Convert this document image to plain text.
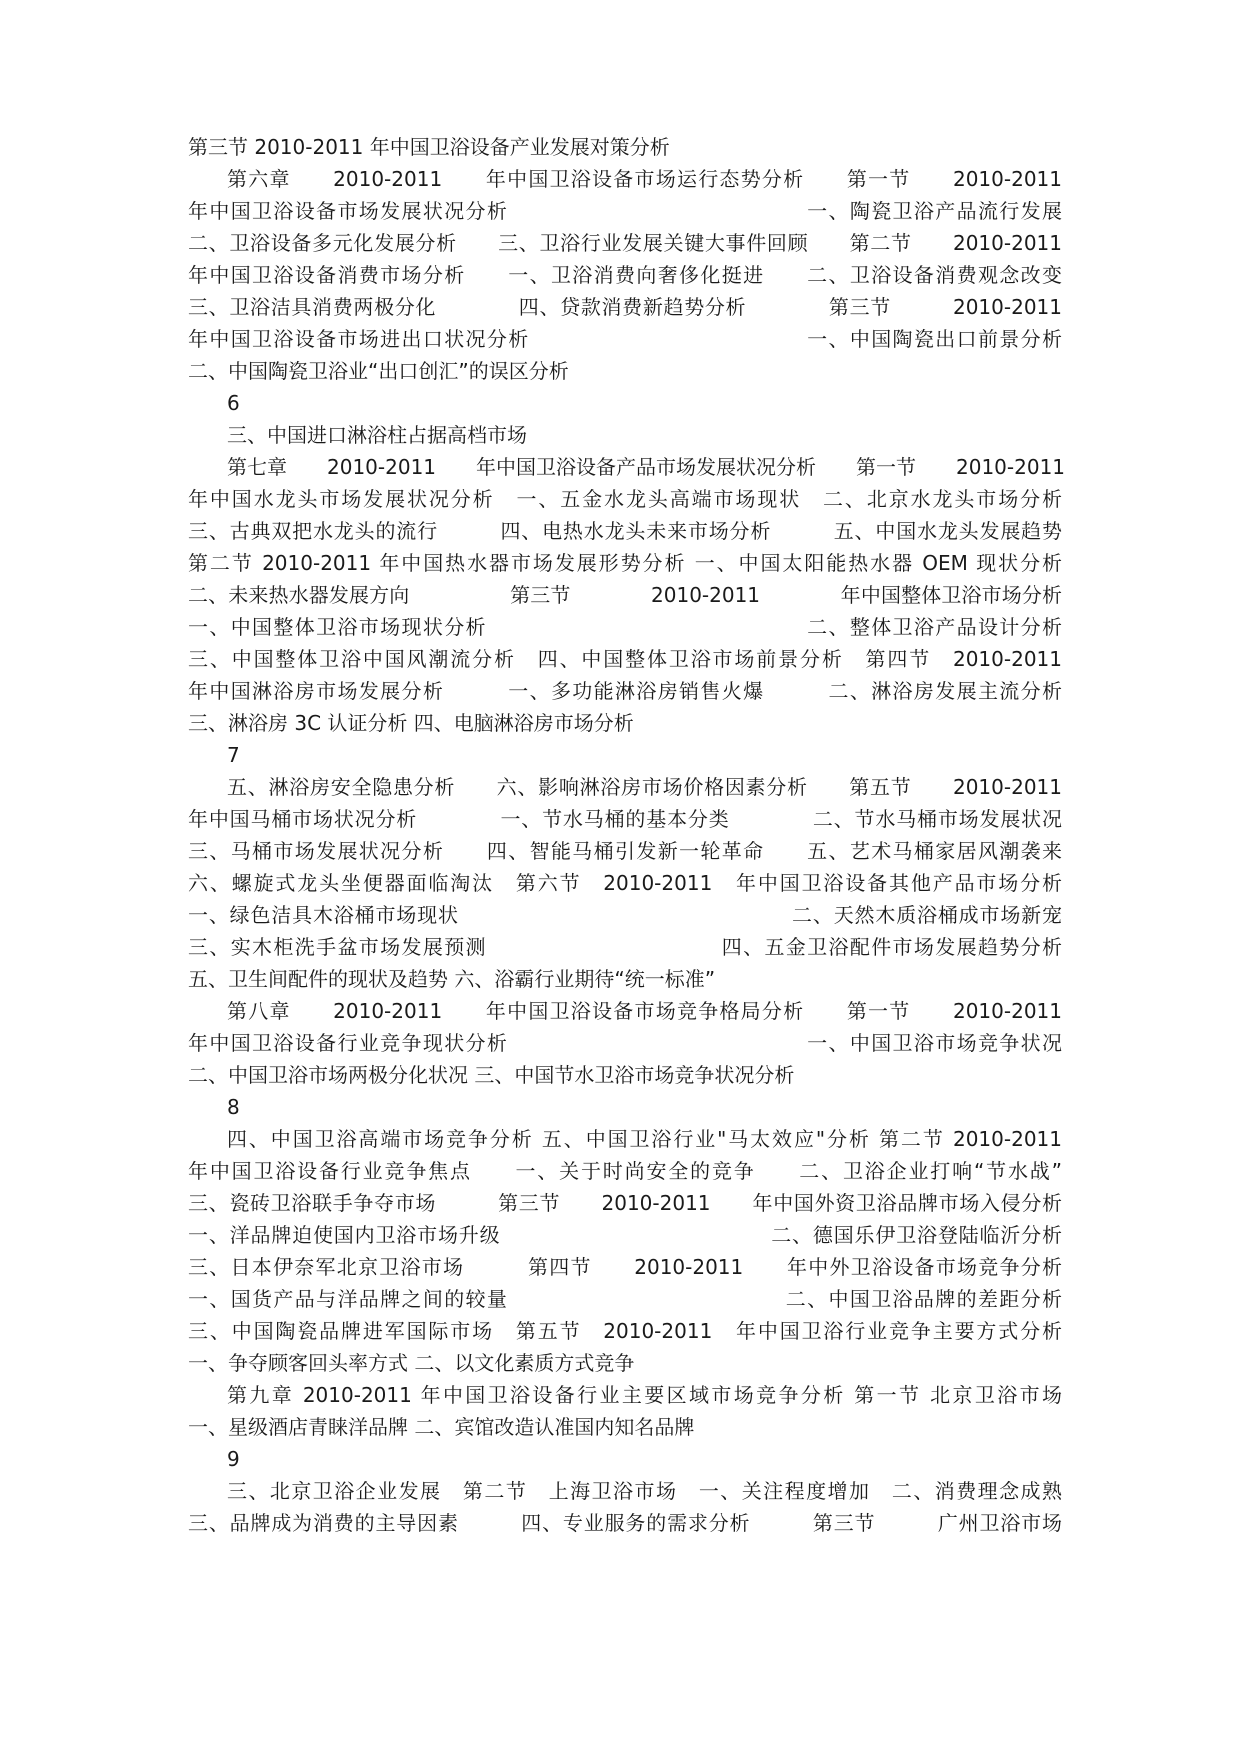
第三节 2010-2011 年中国卫浴设备产业发展对策分析
第六章　　2010-2011　　年中国卫浴设备市场运行态势分析　　第一节　　2010-2011
年中国卫浴设备市场发展状况分析　　　　　　　　　　　　　　一、陶瓷卫浴产品流行发展
二、卫浴设备多元化发展分析　　三、卫浴行业发展关键大事件回顾　　第二节　　2010-2011
年中国卫浴设备消费市场分析　　一、卫浴消费向奢侈化挺进　　二、卫浴设备消费观念改变
三、卫浴洁具消费两极分化　　　　四、贷款消费新趋势分析　　　　第三节　　　2010-2011
年中国卫浴设备市场进出口状况分析　　　　　　　　　　　　　一、中国陶瓷出口前景分析
二、中国陶瓷卫浴业“出口创汇”的误区分析
6
三、中国进口淋浴柱占据高档市场
第七章　　2010-2011　　年中国卫浴设备产品市场发展状况分析　　第一节　　2010-2011
年中国水龙头市场发展状况分析　一、五金水龙头高端市场现状　二、北京水龙头市场分析
三、古典双把水龙头的流行　　　四、电热水龙头未来市场分析　　　五、中国水龙头发展趋势
第二节 2010-2011 年中国热水器市场发展形势分析 一、中国太阳能热水器 OEM 现状分析
二、未来热水器发展方向　　　　　第三节　　　　2010-2011　　　　年中国整体卫浴市场分析
一、中国整体卫浴市场现状分析　　　　　　　　　　　　　　　二、整体卫浴产品设计分析
三、中国整体卫浴中国风潮流分析　四、中国整体卫浴市场前景分析　第四节　2010-2011
年中国淋浴房市场发展分析　　　一、多功能淋浴房销售火爆　　　二、淋浴房发展主流分析
三、淋浴房 3C 认证分析 四、电脑淋浴房市场分析
7
五、淋浴房安全隐患分析　　六、影响淋浴房市场价格因素分析　　第五节　　2010-2011
年中国马桶市场状况分析　　　　一、节水马桶的基本分类　　　　二、节水马桶市场发展状况
三、马桶市场发展状况分析　　四、智能马桶引发新一轮革命　　五、艺术马桶家居风潮袭来
六、螺旋式龙头坐便器面临淘汰　第六节　2010-2011　年中国卫浴设备其他产品市场分析
一、绿色洁具木浴桶市场现状　　　　　　　　　　　　　　　　二、天然木质浴桶成市场新宠
三、实木柜洗手盆市场发展预测　　　　　　　　　　　四、五金卫浴配件市场发展趋势分析
五、卫生间配件的现状及趋势 六、浴霸行业期待“统一标准”
第八章　　2010-2011　　年中国卫浴设备市场竞争格局分析　　第一节　　2010-2011
年中国卫浴设备行业竞争现状分析　　　　　　　　　　　　　　一、中国卫浴市场竞争状况
二、中国卫浴市场两极分化状况 三、中国节水卫浴市场竞争状况分析
8
四、中国卫浴高端市场竞争分析 五、中国卫浴行业"马太效应"分析 第二节 2010-2011
年中国卫浴设备行业竞争焦点　　一、关于时尚安全的竞争　　二、卫浴企业打响“节水战”
三、瓷砖卫浴联手争夺市场　　　第三节　　2010-2011　　年中国外资卫浴品牌市场入侵分析
一、洋品牌迫使国内卫浴市场升级　　　　　　　　　　　　　二、德国乐伊卫浴登陆临沂分析
三、日本伊奈军北京卫浴市场　　　第四节　　2010-2011　　年中外卫浴设备市场竞争分析
一、国货产品与洋品牌之间的较量　　　　　　　　　　　　　二、中国卫浴品牌的差距分析
三、中国陶瓷品牌进军国际市场　第五节　2010-2011　年中国卫浴行业竞争主要方式分析
一、争夺顾客回头率方式 二、以文化素质方式竞争
第九章 2010-2011 年中国卫浴设备行业主要区域市场竞争分析 第一节 北京卫浴市场
一、星级酒店青睐洋品牌 二、宾馆改造认准国内知名品牌
9
三、北京卫浴企业发展　第二节　上海卫浴市场　一、关注程度增加　二、消费理念成熟
三、品牌成为消费的主导因素　　　四、专业服务的需求分析　　　第三节　　　广州卫浴市场
